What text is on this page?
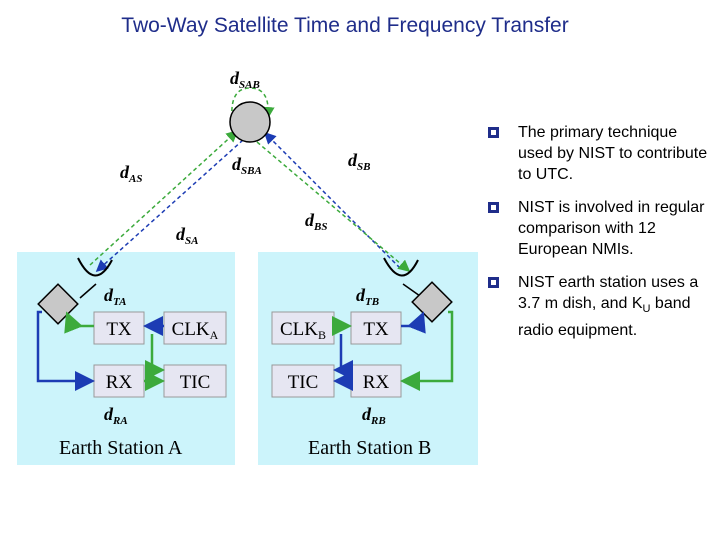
Two-Way Satellite Time and Frequency Transfer
TX $CLK_A$
RX TIC
$CLK_B$ TX
TIC RX
$d_{SAB}$
$d_{AS}$
$d_{SBA}$
$d_{SB}$
$d_{BS}$
$d_{SA}$
$d_{TA}$	$d_{TB}$
$d_{RA}$	$d_{RB}$
Earth Station A	Earth Station B
The primary technique used by NIST to contribute to UTC.
NIST is involved in regular comparison with 12 European NMIs.
NIST earth station uses a 3.7 m dish, and $K_U$ band radio equipment.
